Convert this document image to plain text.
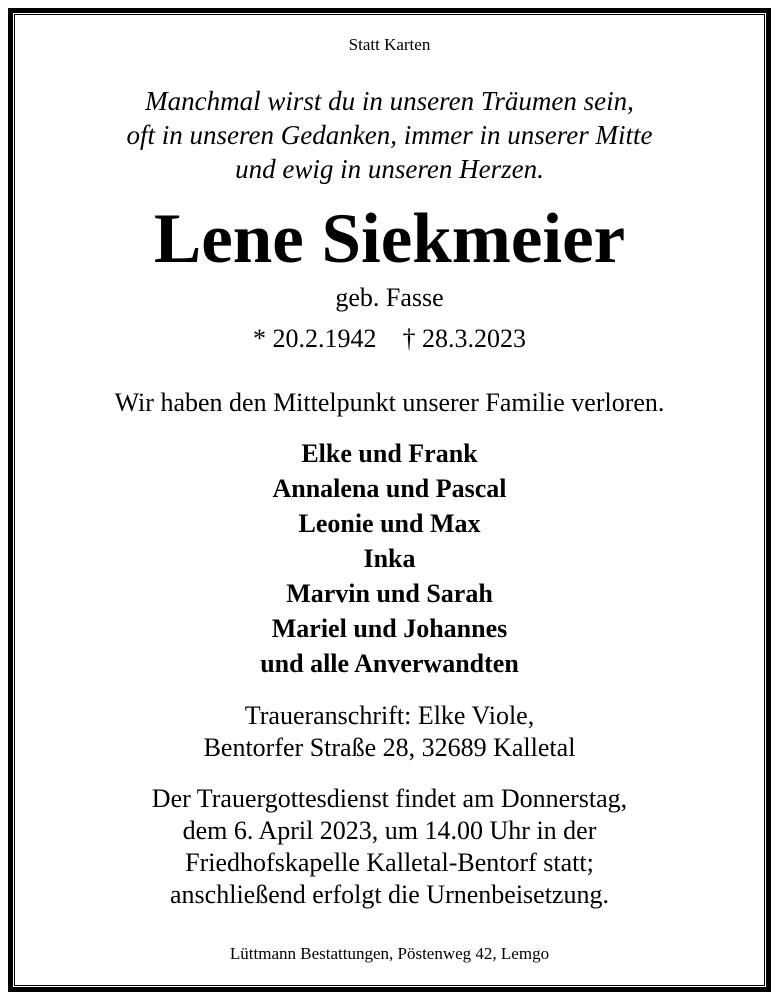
Statt Karten
Manchmal wirst du in unseren Träumen sein,
oft in unseren Gedanken, immer in unserer Mitte
und ewig in unseren Herzen.
Lene Siekmeier
geb. Fasse
* 20.2.1942 † 28.3.2023
Wir haben den Mittelpunkt unserer Familie verloren.
Elke und Frank
Annalena und Pascal
Leonie und Max
Inka
Marvin und Sarah
Mariel und Johannes
und alle Anverwandten
Traueranschrift: Elke Viole,
Bentorfer Straße 28, 32689 Kalletal
Der Trauergottesdienst findet am Donnerstag,
dem 6. April 2023, um 14.00 Uhr in der
Friedhofskapelle Kalletal-Bentorf statt;
anschließend erfolgt die Urnenbeisetzung.
Lüttmann Bestattungen, Pöstenweg 42, Lemgo
